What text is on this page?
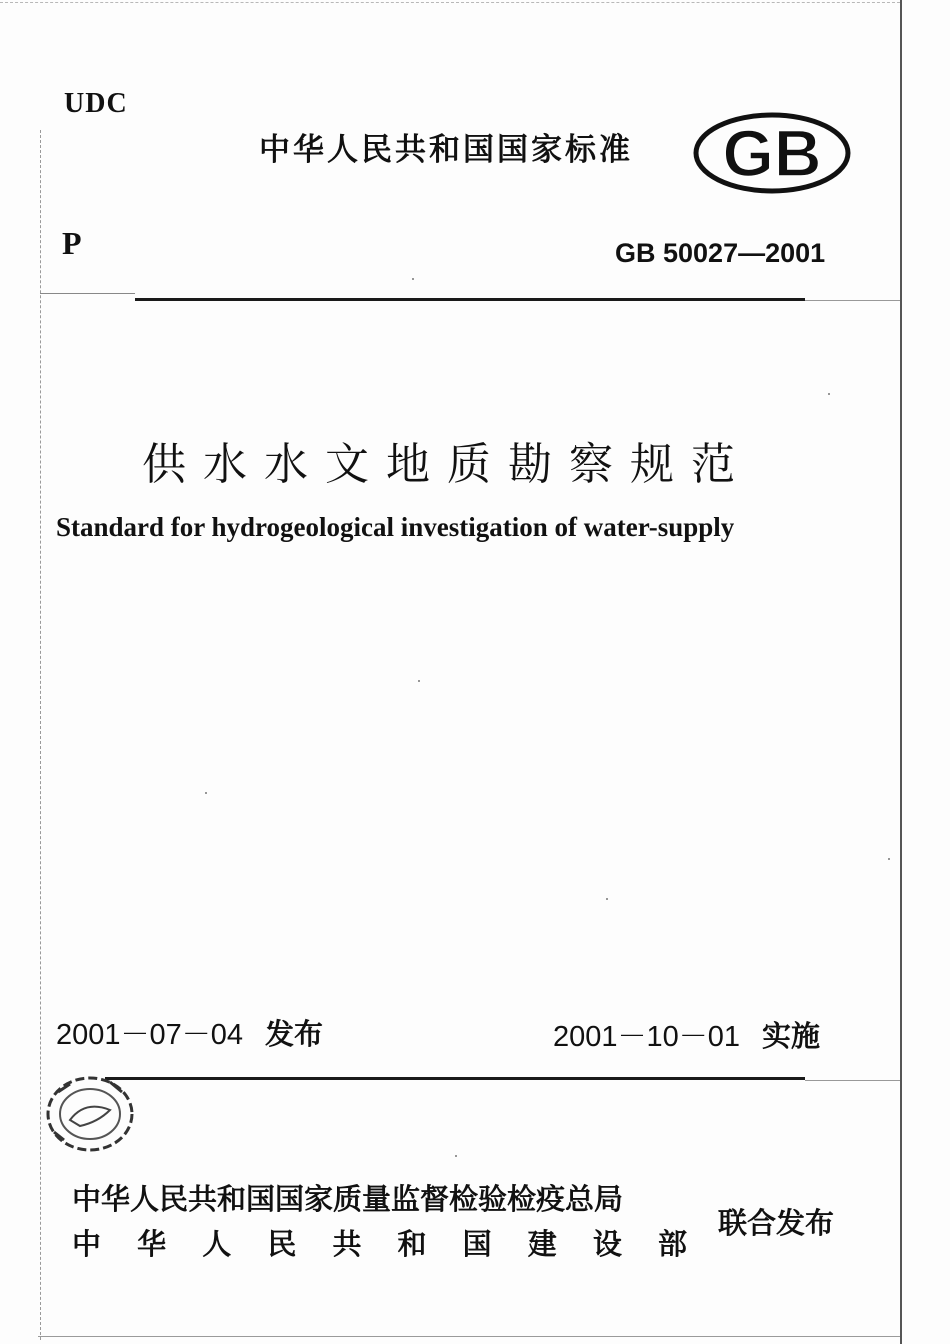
UDC
中华人民共和国国家标准 GB
P	GB 50027—2001
供水水文地质勘察规范
Standard for hydrogeological investigation of water-supply
2001－07－04 发布	2001－10－01 实施
中华人民共和国国家质量监督检验检疫总局
中 华 人 民 共 和 国 建 设 部
联合发布
